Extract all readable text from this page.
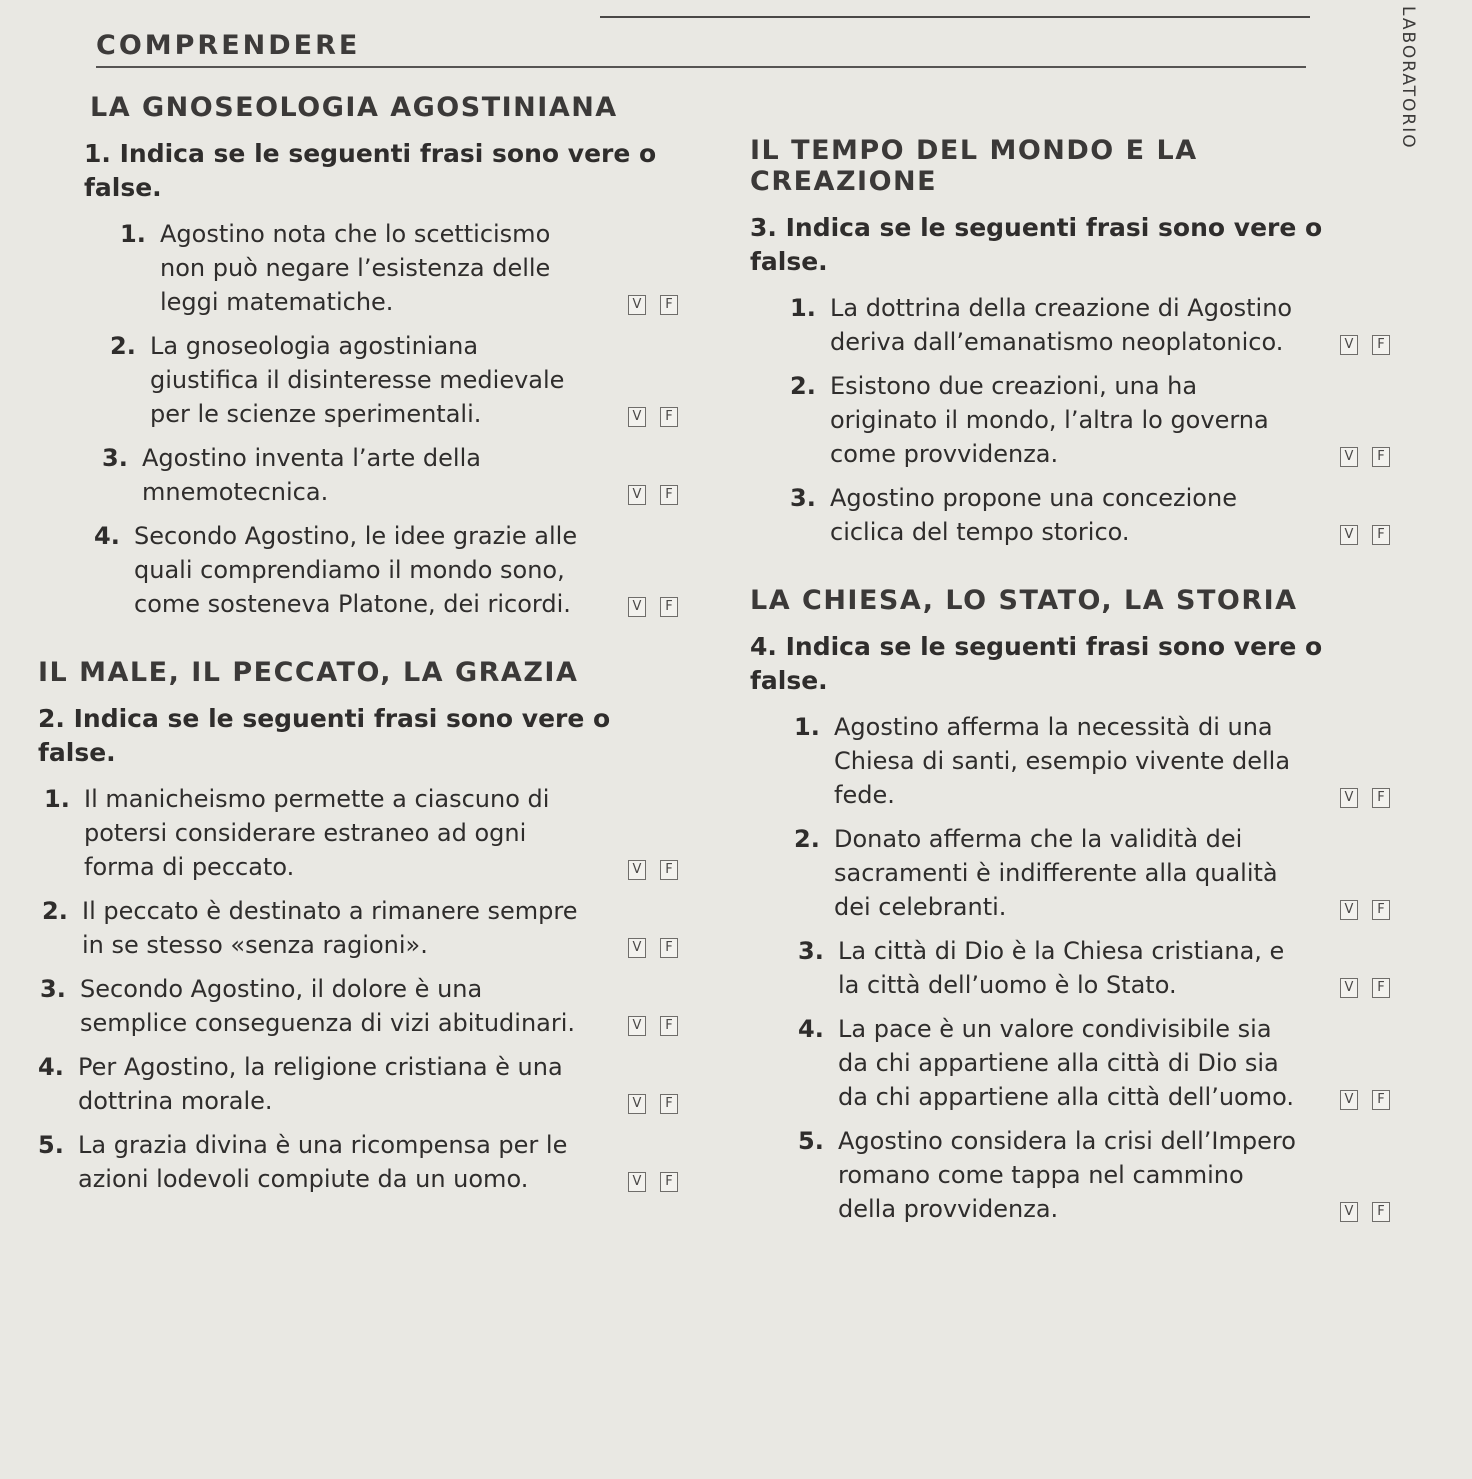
LABORATORIO
COMPRENDERE
LA GNOSEOLOGIA AGOSTINIANA
1. Indica se le seguenti frasi sono vere o false.
1. Agostino nota che lo scetticismo non può negare l’esistenza delle leggi matematiche.	V	F
2. La gnoseologia agostiniana giustifica il disinteresse medievale per le scienze sperimentali.	V	F
3. Agostino inventa l’arte della mnemotecnica.	V	F
4. Secondo Agostino, le idee grazie alle quali comprendiamo il mondo sono, come sosteneva Platone, dei ricordi.	V	F
IL MALE, IL PECCATO, LA GRAZIA
2. Indica se le seguenti frasi sono vere o false.
1. Il manicheismo permette a ciascuno di potersi considerare estraneo ad ogni forma di peccato.	V	F
2. Il peccato è destinato a rimanere sempre in se stesso «senza ragioni».	V	F
3. Secondo Agostino, il dolore è una semplice conseguenza di vizi abitudinari.	V	F
4. Per Agostino, la religione cristiana è una dottrina morale.	V	F
5. La grazia divina è una ricompensa per le azioni lodevoli compiute da un uomo.	V	F
IL TEMPO DEL MONDO E LA CREAZIONE
3. Indica se le seguenti frasi sono vere o false.
1. La dottrina della creazione di Agostino deriva dall’emanatismo neoplatonico.	V	F
2. Esistono due creazioni, una ha originato il mondo, l’altra lo governa come provvidenza.	V	F
3. Agostino propone una concezione ciclica del tempo storico.	V	F
LA CHIESA, LO STATO, LA STORIA
4. Indica se le seguenti frasi sono vere o false.
1. Agostino afferma la necessità di una Chiesa di santi, esempio vivente della fede.	V	F
2. Donato afferma che la validità dei sacramenti è indifferente alla qualità dei celebranti.	V	F
3. La città di Dio è la Chiesa cristiana, e la città dell’uomo è lo Stato.	V	F
4. La pace è un valore condivisibile sia da chi appartiene alla città di Dio sia da chi appartiene alla città dell’uomo.	V	F
5. Agostino considera la crisi dell’Impero romano come tappa nel cammino della provvidenza.	V	F
